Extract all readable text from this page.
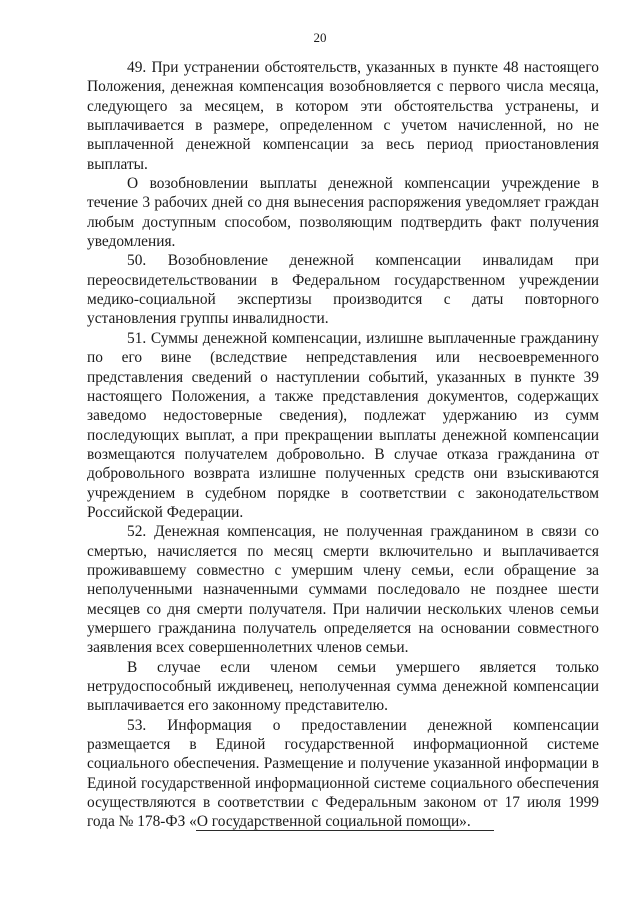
20

49. При устранении обстоятельств, указанных в пункте 48 настоящего Положения, денежная компенсация возобновляется с первого числа месяца, следующего за месяцем, в котором эти обстоятельства устранены, и выплачивается в размере, определенном с учетом начисленной, но не выплаченной денежной компенсации за весь период приостановления выплаты.

О возобновлении выплаты денежной компенсации учреждение в течение 3 рабочих дней со дня вынесения распоряжения уведомляет граждан любым доступным способом, позволяющим подтвердить факт получения уведомления.

50. Возобновление денежной компенсации инвалидам при переосвидетельствовании в Федеральном государственном учреждении медико-социальной экспертизы производится с даты повторного установления группы инвалидности.

51. Суммы денежной компенсации, излишне выплаченные гражданину по его вине (вследствие непредставления или несвоевременного представления сведений о наступлении событий, указанных в пункте 39 настоящего Положения, а также представления документов, содержащих заведомо недостоверные сведения), подлежат удержанию из сумм последующих выплат, а при прекращении выплаты денежной компенсации возмещаются получателем добровольно. В случае отказа гражданина от добровольного возврата излишне полученных средств они взыскиваются учреждением в судебном порядке в соответствии с законодательством Российской Федерации.

52. Денежная компенсация, не полученная гражданином в связи со смертью, начисляется по месяц смерти включительно и выплачивается проживавшему совместно с умершим члену семьи, если обращение за неполученными назначенными суммами последовало не позднее шести месяцев со дня смерти получателя. При наличии нескольких членов семьи умершего гражданина получатель определяется на основании совместного заявления всех совершеннолетних членов семьи.

В случае если членом семьи умершего является только нетрудоспособный иждивенец, неполученная сумма денежной компенсации выплачивается его законному представителю.

53. Информация о предоставлении денежной компенсации размещается в Единой государственной информационной системе социального обеспечения. Размещение и получение указанной информации в Единой государственной информационной системе социального обеспечения осуществляются в соответствии с Федеральным законом от 17 июля 1999 года № 178-ФЗ «О государственной социальной помощи».
